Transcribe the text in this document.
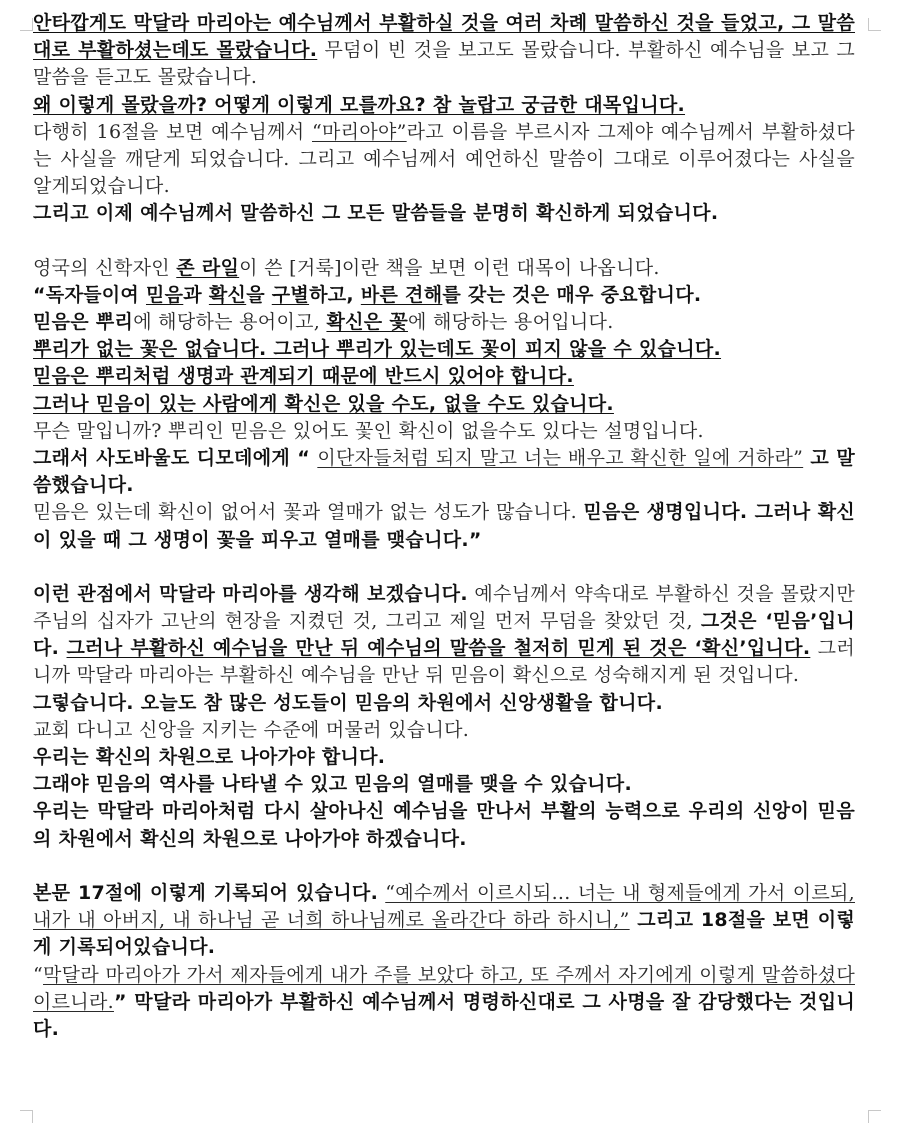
안타깝게도 막달라 마리아는 예수님께서 부활하실 것을 여러 차례 말씀하신 것을 들었고, 그 말씀대로 부활하셨는데도 몰랐습니다. 무덤이 빈 것을 보고도 몰랐습니다. 부활하신 예수님을 보고 그 말씀을 듣고도 몰랐습니다.

왜 이렇게 몰랐을까? 어떻게 이렇게 모를까요? 참 놀랍고 궁금한 대목입니다.

다행히 16절을 보면 예수님께서 “마리아야”라고 이름을 부르시자 그제야 예수님께서 부활하셨다는 사실을 깨닫게 되었습니다. 그리고 예수님께서 예언하신 말씀이 그대로 이루어졌다는 사실을 알게되었습니다.

그리고 이제 예수님께서 말씀하신 그 모든 말씀들을 분명히 확신하게 되었습니다.

영국의 신학자인 존 라일이 쓴 [거룩]이란 책을 보면 이런 대목이 나옵니다.

“독자들이여 믿음과 확신을 구별하고, 바른 견해를 갖는 것은 매우 중요합니다.

믿음은 뿌리에 해당하는 용어이고, 확신은 꽃에 해당하는 용어입니다.

뿌리가 없는 꽃은 없습니다. 그러나 뿌리가 있는데도 꽃이 피지 않을 수 있습니다.

믿음은 뿌리처럼 생명과 관계되기 때문에 반드시 있어야 합니다.

그러나 믿음이 있는 사람에게 확신은 있을 수도, 없을 수도 있습니다.

무슨 말입니까? 뿌리인 믿음은 있어도 꽃인 확신이 없을수도 있다는 설명입니다.

그래서 사도바울도 디모데에게 “ 이단자들처럼 되지 말고 너는 배우고 확신한 일에 거하라” 고 말씀했습니다.

믿음은 있는데 확신이 없어서 꽃과 열매가 없는 성도가 많습니다. 믿음은 생명입니다. 그러나 확신이 있을 때 그 생명이 꽃을 피우고 열매를 맺습니다.”

이런 관점에서 막달라 마리아를 생각해 보겠습니다. 예수님께서 약속대로 부활하신 것을 몰랐지만 주님의 십자가 고난의 현장을 지켰던 것, 그리고 제일 먼저 무덤을 찾았던 것, 그것은 ‘믿음’입니다. 그러나 부활하신 예수님을 만난 뒤 예수님의 말씀을 철저히 믿게 된 것은 ‘확신’입니다. 그러니까 막달라 마리아는 부활하신 예수님을 만난 뒤 믿음이 확신으로 성숙해지게 된 것입니다.

그렇습니다. 오늘도 참 많은 성도들이 믿음의 차원에서 신앙생활을 합니다.

교회 다니고 신앙을 지키는 수준에 머물러 있습니다.

우리는 확신의 차원으로 나아가야 합니다.

그래야 믿음의 역사를 나타낼 수 있고 믿음의 열매를 맺을 수 있습니다.

우리는 막달라 마리아처럼 다시 살아나신 예수님을 만나서 부활의 능력으로 우리의 신앙이 믿음의 차원에서 확신의 차원으로 나아가야 하겠습니다.

본문 17절에 이렇게 기록되어 있습니다. “예수께서 이르시되... 너는 내 형제들에게 가서 이르되, 내가 내 아버지, 내 하나님 곧 너희 하나님께로 올라간다 하라 하시니,” 그리고 18절을 보면 이렇게 기록되어있습니다.

“막달라 마리아가 가서 제자들에게 내가 주를 보았다 하고, 또 주께서 자기에게 이렇게 말씀하셨다 이르니라.” 막달라 마리아가 부활하신 예수님께서 명령하신대로 그 사명을 잘 감당했다는 것입니다.
